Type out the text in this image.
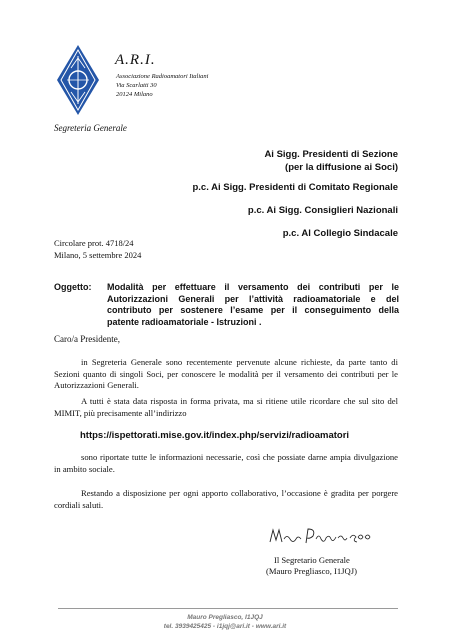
A.R.I.
Associazione Radioamatori Italiani
Via Scarlatti 30
20124 Milano
Segreteria Generale
Ai Sigg. Presidenti di Sezione
(per la diffusione ai Soci)
p.c. Ai Sigg. Presidenti di Comitato Regionale
p.c. Ai Sigg. Consiglieri Nazionali
p.c. Al Collegio Sindacale
Circolare prot. 4718/24
Milano, 5 settembre 2024
Oggetto: Modalità per effettuare il versamento dei contributi per le Autorizzazioni Generali per l’attività radioamatoriale e del contributo per sostenere l’esame per il conseguimento della patente radioamatoriale - Istruzioni .
Caro/a Presidente,
in Segreteria Generale sono recentemente pervenute alcune richieste, da parte tanto di Sezioni quanto di singoli Soci, per conoscere le modalità per il versamento dei contributi per le Autorizzazioni Generali.
A tutti è stata data risposta in forma privata, ma si ritiene utile ricordare che sul sito del MIMIT, più precisamente all’indirizzo
https://ispettorati.mise.gov.it/index.php/servizi/radioamatori
sono riportate tutte le informazioni necessarie, così che possiate darne ampia divulgazione in ambito sociale.
Restando a disposizione per ogni apporto collaborativo, l’occasione è gradita per porgere cordiali saluti.
Il Segretario Generale
(Mauro Pregliasco, I1JQJ)
Mauro Pregliasco, I1JQJ
tel. 3939425425 - i1jqj@ari.it - www.ari.it
